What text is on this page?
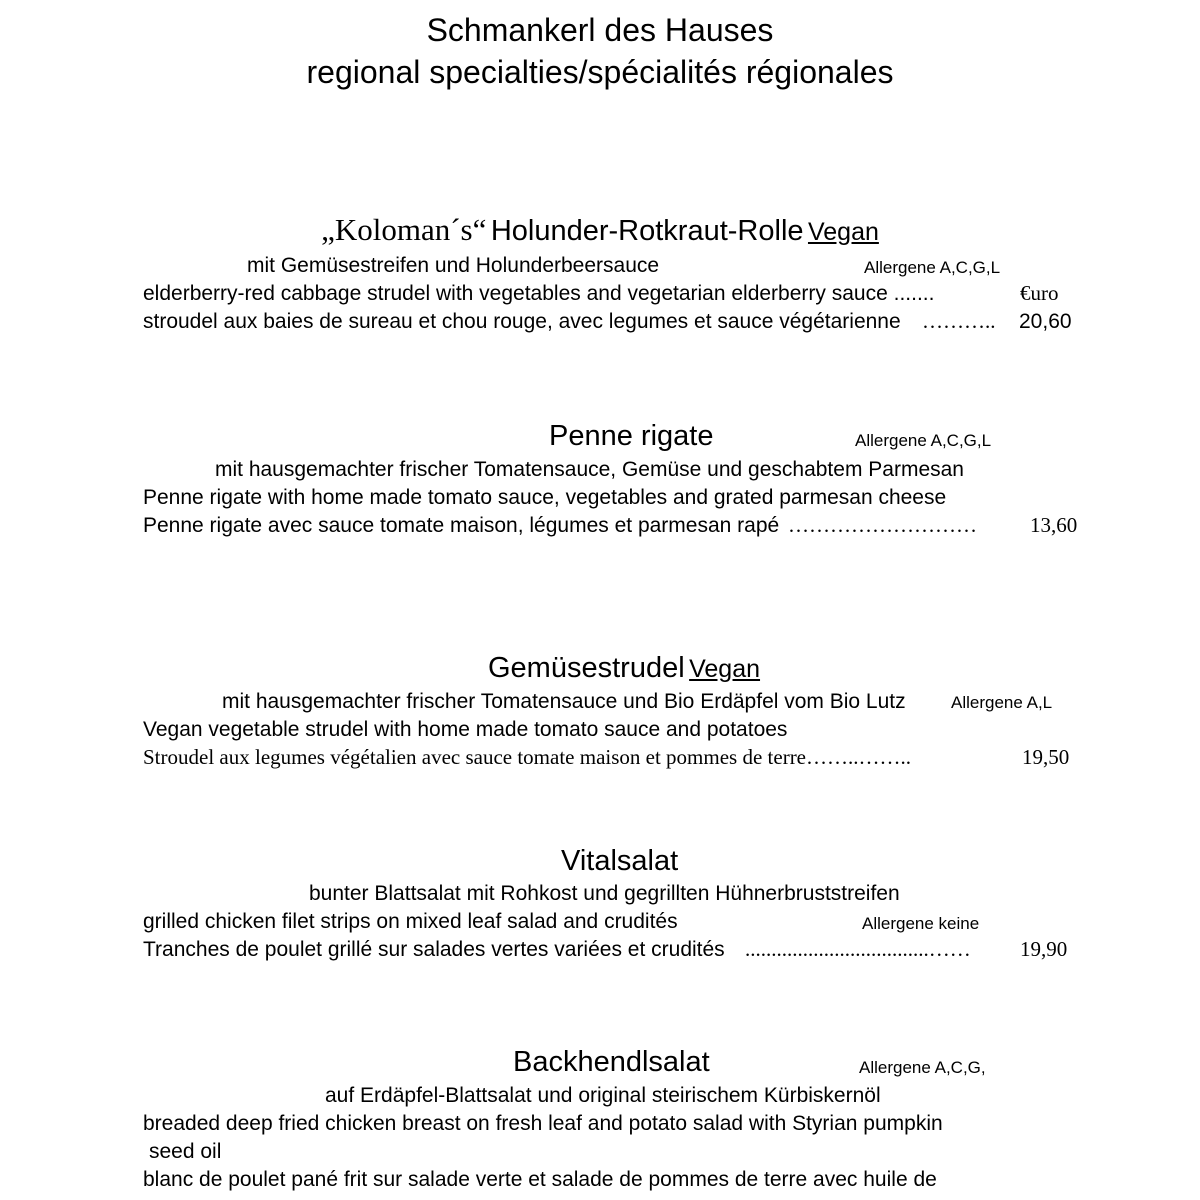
Schmankerl des Hauses
regional specialties/spécialités régionales
„Koloman´s“ Holunder-Rotkraut-Rolle Vegan
mit Gemüsestreifen und Holunderbeersauce	Allergene A,C,G,L
elderberry-red cabbage strudel with vegetables and vegetarian elderberry sauce .......	€uro
stroudel aux baies de sureau et chou rouge, avec legumes et sauce végétarienne ……….. 20,60
Penne rigate	Allergene A,C,G,L
mit hausgemachter frischer Tomatensauce, Gemüse und geschabtem Parmesan
Penne rigate with home made tomato sauce, vegetables and grated parmesan cheese
Penne rigate avec sauce tomate maison, légumes et parmesan rapé ………………………	13,60
Gemüsestrudel Vegan
mit hausgemachter frischer Tomatensauce und Bio Erdäpfel vom Bio Lutz	Allergene A,L
Vegan vegetable strudel with home made tomato sauce and potatoes
Stroudel aux legumes végétalien avec sauce tomate maison et pommes de terre……..……..	19,50
Vitalsalat
bunter Blattsalat mit Rohkost und gegrillten Hühnerbruststreifen
grilled chicken filet strips on mixed leaf salad and crudités	Allergene keine
Tranches de poulet grillé sur salades vertes variées et crudités ...................................…… 19,90
Backhendlsalat	Allergene A,C,G,
auf Erdäpfel-Blattsalat und original steirischem Kürbiskernöl
breaded deep fried chicken breast on fresh leaf and potato salad with Styrian pumpkin
seed oil
blanc de poulet pané frit sur salade verte et salade de pommes de terre avec huile de
